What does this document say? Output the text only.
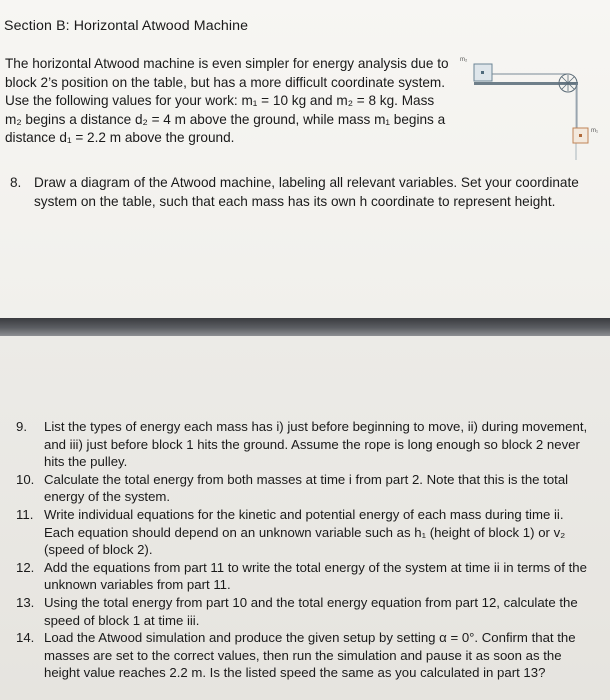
Section B: Horizontal Atwood Machine
The horizontal Atwood machine is even simpler for energy analysis due to block 2’s position on the table, but has a more difficult coordinate system. Use the following values for your work: m₁ = 10 kg and m₂ = 8 kg. Mass m₂ begins a distance d₂ = 4 m above the ground, while mass m₁ begins a distance d₁ = 2.2 m above the ground.
m₂
m₁
8. Draw a diagram of the Atwood machine, labeling all relevant variables. Set your coordinate system on the table, such that each mass has its own h coordinate to represent height.
9.	List the types of energy each mass has i) just before beginning to move, ii) during movement, and iii) just before block 1 hits the ground. Assume the rope is long enough so block 2 never hits the pulley.
10. Calculate the total energy from both masses at time i from part 2. Note that this is the total energy of the system.
11. Write individual equations for the kinetic and potential energy of each mass during time ii. Each equation should depend on an unknown variable such as h₁ (height of block 1) or v₂ (speed of block 2).
12. Add the equations from part 11 to write the total energy of the system at time ii in terms of the unknown variables from part 11.
13. Using the total energy from part 10 and the total energy equation from part 12, calculate the speed of block 1 at time iii.
14. Load the Atwood simulation and produce the given setup by setting α = 0°. Confirm that the masses are set to the correct values, then run the simulation and pause it as soon as the height value reaches 2.2 m. Is the listed speed the same as you calculated in part 13?
